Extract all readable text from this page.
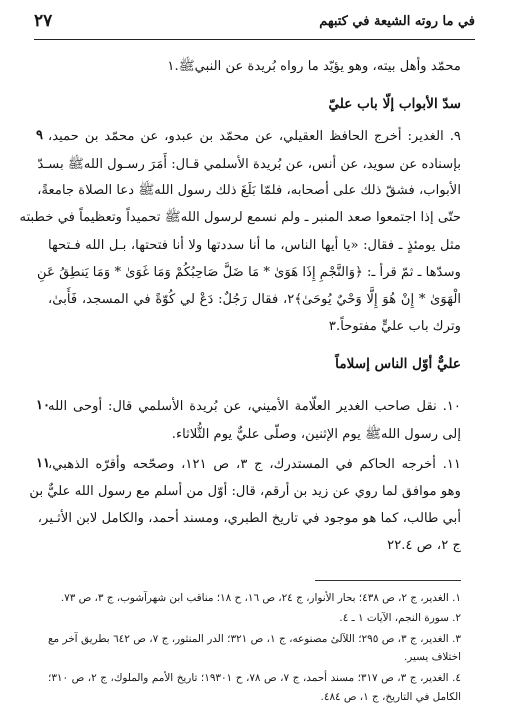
في ما روته الشيعة في كتبهم
٢٧
محمّد وأهل بيته، وهو يؤيّد ما رواه بُريدة عن النبيﷺ.١
سدّ الأبواب إلّا باب عليّ
٩ ٩. الغدير: أخرج الحافظ العقيلي، عن محمّد بن عبدو، عن محمّد بن حميد،
بإسناده عن سويد، عن أنس، عن بُريدة الأسلمي قـال: أَمَرَ رسـول اللهﷺ بسـدّ
الأبواب، فشقّ ذلك على أصحابه، فلمّا بَلَغَ ذلك رسول اللهﷺ دعا الصلاة جامعةً،
حتّى إذا اجتمعوا صعد المنبر ـ ولم نسمع لرسول اللهﷺ تحميداً وتعظيماً في خطبته
مثل يومئذٍ ـ فقال: «يا أيها الناس، ما أنا سددتها ولا أنا فتحتها، بـل الله فـتحها
وسدّها ـ ثمّ قرأ ـ: ﴿وَالنَّجْمِ إِذَا هَوَىٰ * مَا ضَلَّ صَاحِبُكُمْ وَمَا غَوَىٰ * وَمَا يَنطِقُ عَنِ
الْهَوَىٰ * إِنْ هُوَ إِلَّا وَحْيٌ يُوحَىٰ﴾٢، فقال رَجُلٌ: دَعْ لي كُوّةً في المسجد، فَأَبىٰ،
وترك باب عليٍّ مفتوحاً.٣
عليٌّ أوّل الناس إسلاماً
١٠
١٠. نقل صاحب الغدير العلّامة الأميني، عن بُريدة الأسلمي قال: أوحى الله
إلى رسول اللهﷺ يوم الإثنين، وصلّى عليٌّ يوم الثُّلاثاء.
١١
١١. أخرجه الحاكم في المستدرك، ج ٣، ص ١٢١، وصحّحه وأقرّه الذهبي،
وهو موافق لما روي عن زيد بن أرقم، قال: أوّل من أسلم مع رسول الله عليٌّ بن
أبي طالب، كما هو موجود في تاريخ الطبري، ومسند أحمد، والكامل لابن الأثـير،
ج ٢، ص ٢٢.٤
١. الغدير، ج ٢، ص ٤٣٨؛ بحار الأنوار، ج ٢٤، ص ١٦، ح ١٨؛ مناقب ابن شهرآشوب، ج ٣، ص ٧٣.
٢. سورة النجم، الآيات ١ ـ ٤.
٣. الغدير، ج ٣، ص ٢٩٥؛ اللآلئ مصنوعه، ج ١، ص ٣٢١؛ الدر المنثور، ج ٧، ص ٦٤٢ بطريق آخر مع
اختلاف يسير.
٤. الغدير، ج ٣، ص ٣١٧؛ مسند أحمد، ج ٧، ص ٧٨، ح ١٩٣٠١؛ تاريخ الأمم والملوك، ج ٢، ص ٣١٠؛
الكامل في التاريخ، ج ١، ص ٤٨٤.
